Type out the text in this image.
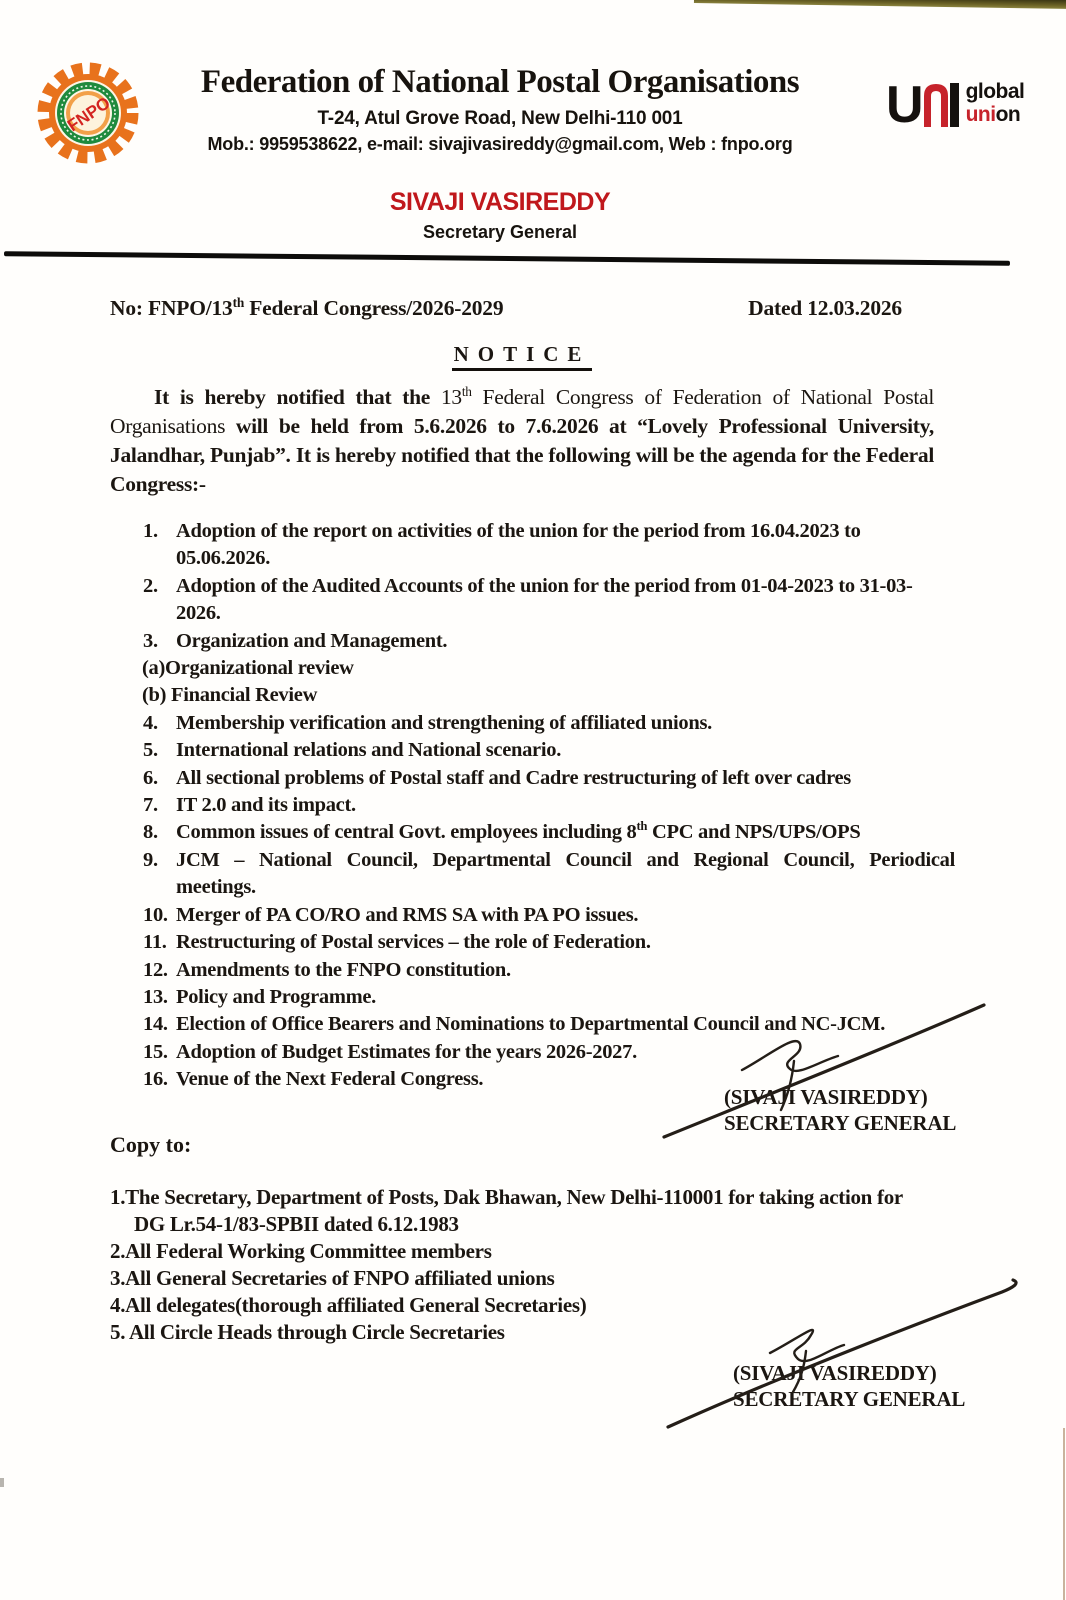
FNPO
Federation of National Postal Organisations
T-24, Atul Grove Road, New Delhi-110 001
Mob.: 9959538622, e-mail: sivajivasireddy@gmail.com, Web : fnpo.org
U global
union
SIVAJI VASIREDDY
Secretary General
No: FNPO/13th Federal Congress/2026-2029	Dated 12.03.2026
NOTICE
It is hereby notified that the 13th Federal Congress of Federation of National Postal Organisations will be held from 5.6.2026 to 7.6.2026 at “Lovely Professional University, Jalandhar, Punjab”. It is hereby notified that the following will be the agenda for the Federal Congress:-
1. Adoption of the report on activities of the union for the period from 16.04.2023 to 05.06.2026.
2. Adoption of the Audited Accounts of the union for the period from 01-04-2023 to 31-03-2026.
3. Organization and Management.
(a)Organizational review
(b) Financial Review
4. Membership verification and strengthening of affiliated unions.
5. International relations and National scenario.
6. All sectional problems of Postal staff and Cadre restructuring of left over cadres
7. IT 2.0 and its impact.
8. Common issues of central Govt. employees including 8th CPC and NPS/UPS/OPS
9. JCM – National Council, Departmental Council and Regional Council, Periodical meetings.
10. Merger of PA CO/RO and RMS SA with PA PO issues.
11. Restructuring of Postal services – the role of Federation.
12. Amendments to the FNPO constitution.
13. Policy and Programme.
14. Election of Office Bearers and Nominations to Departmental Council and NC-JCM.
15. Adoption of Budget Estimates for the years 2026-2027.
16. Venue of the Next Federal Congress.
(SIVAJI VASIREDDY)
SECRETARY GENERAL
Copy to:
1.The Secretary, Department of Posts, Dak Bhawan, New Delhi-110001 for taking action for
DG Lr.54-1/83-SPBII dated 6.12.1983
2.All Federal Working Committee members
3.All General Secretaries of FNPO affiliated unions
4.All delegates(thorough affiliated General Secretaries)
5. All Circle Heads through Circle Secretaries
(SIVAJI VASIREDDY)
SECRETARY GENERAL
